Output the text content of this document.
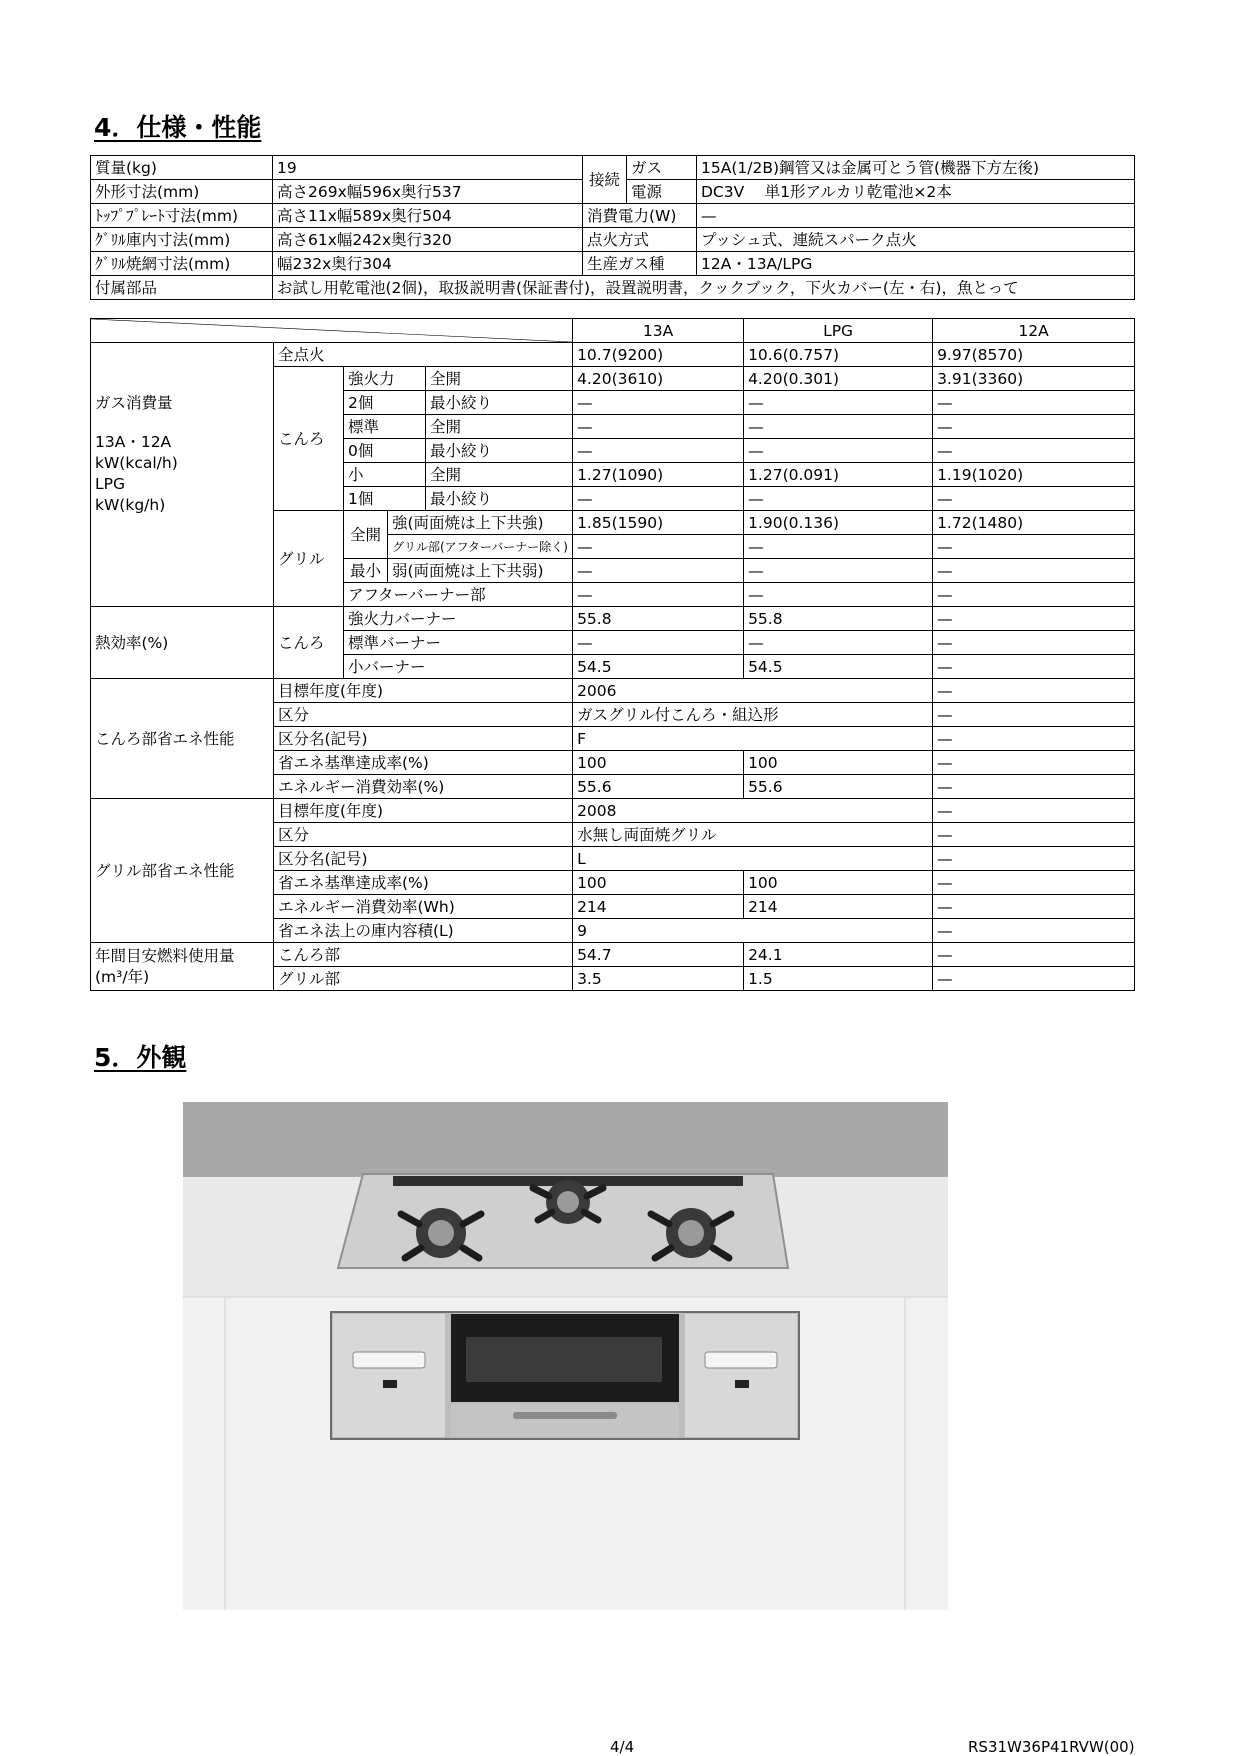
4．仕様・性能
質量(kg)	19	接続	ガス	15A(1/2B)鋼管又は金属可とう管(機器下方左後)
外形寸法(mm)	高さ269x幅596x奥行537		電源	DC3V　 単1形アルカリ乾電池×2本
ﾄｯﾌﾟﾌﾟﾚｰﾄ寸法(mm)	高さ11x幅589x奥行504	消費電力(W)		—
ｸﾞﾘﾙ庫内寸法(mm)	高さ61x幅242x奥行320	点火方式		プッシュ式、連続スパーク点火
ｸﾞﾘﾙ焼網寸法(mm)	幅232x奥行304	生産ガス種		12A・13A/LPG
付属部品	お試し用乾電池(2個)，取扱説明書(保証書付)，設置説明書，クックブック，下火カバー(左・右)，魚とって			
	13A	LPG	12A

ガス消費量
13A・12A
kW(kcal/h)
LPG
kW(kg/h)	全点火				10.7(9200)	10.6(0.757)	9.97(8570)
	こんろ	強火力		全開	4.20(3610)	4.20(0.301)	3.91(3360)
		2個		最小絞り	—	—	—
		標準		全開	—	—	—
		0個		最小絞り	—	—	—
		小		全開	1.27(1090)	1.27(0.091)	1.19(1020)
		1個		最小絞り	—	—	—
	グリル	全開	強(両面焼は上下共強)		1.85(1590)	1.90(0.136)	1.72(1480)
			グリル部(アフターバーナー除く)		—	—	—
		最小	弱(両面焼は上下共弱)		—	—	—
		アフターバーナー部			—	—	—
熱効率(%)	こんろ	強火力バーナー			55.8	55.8	—
		標準バーナー			—	—	—
		小バーナー			54.5	54.5	—
こんろ部省エネ性能	目標年度(年度)				2006		—
	区分				ガスグリル付こんろ・組込形		—
	区分名(記号)				F		—
	省エネ基準達成率(%)				100	100	—
	エネルギー消費効率(%)				55.6	55.6	—
グリル部省エネ性能	目標年度(年度)				2008		—
	区分				水無し両面焼グリル		—
	区分名(記号)				L		—
	省エネ基準達成率(%)				100	100	—
	エネルギー消費効率(Wh)				214	214	—
	省エネ法上の庫内容積(L)				9		—

年間目安燃料使用量
(m³/年)	こんろ部				54.7	24.1	—
	グリル部				3.5	1.5	—
5．外観
4/4	RS31W36P41RVW(00)
